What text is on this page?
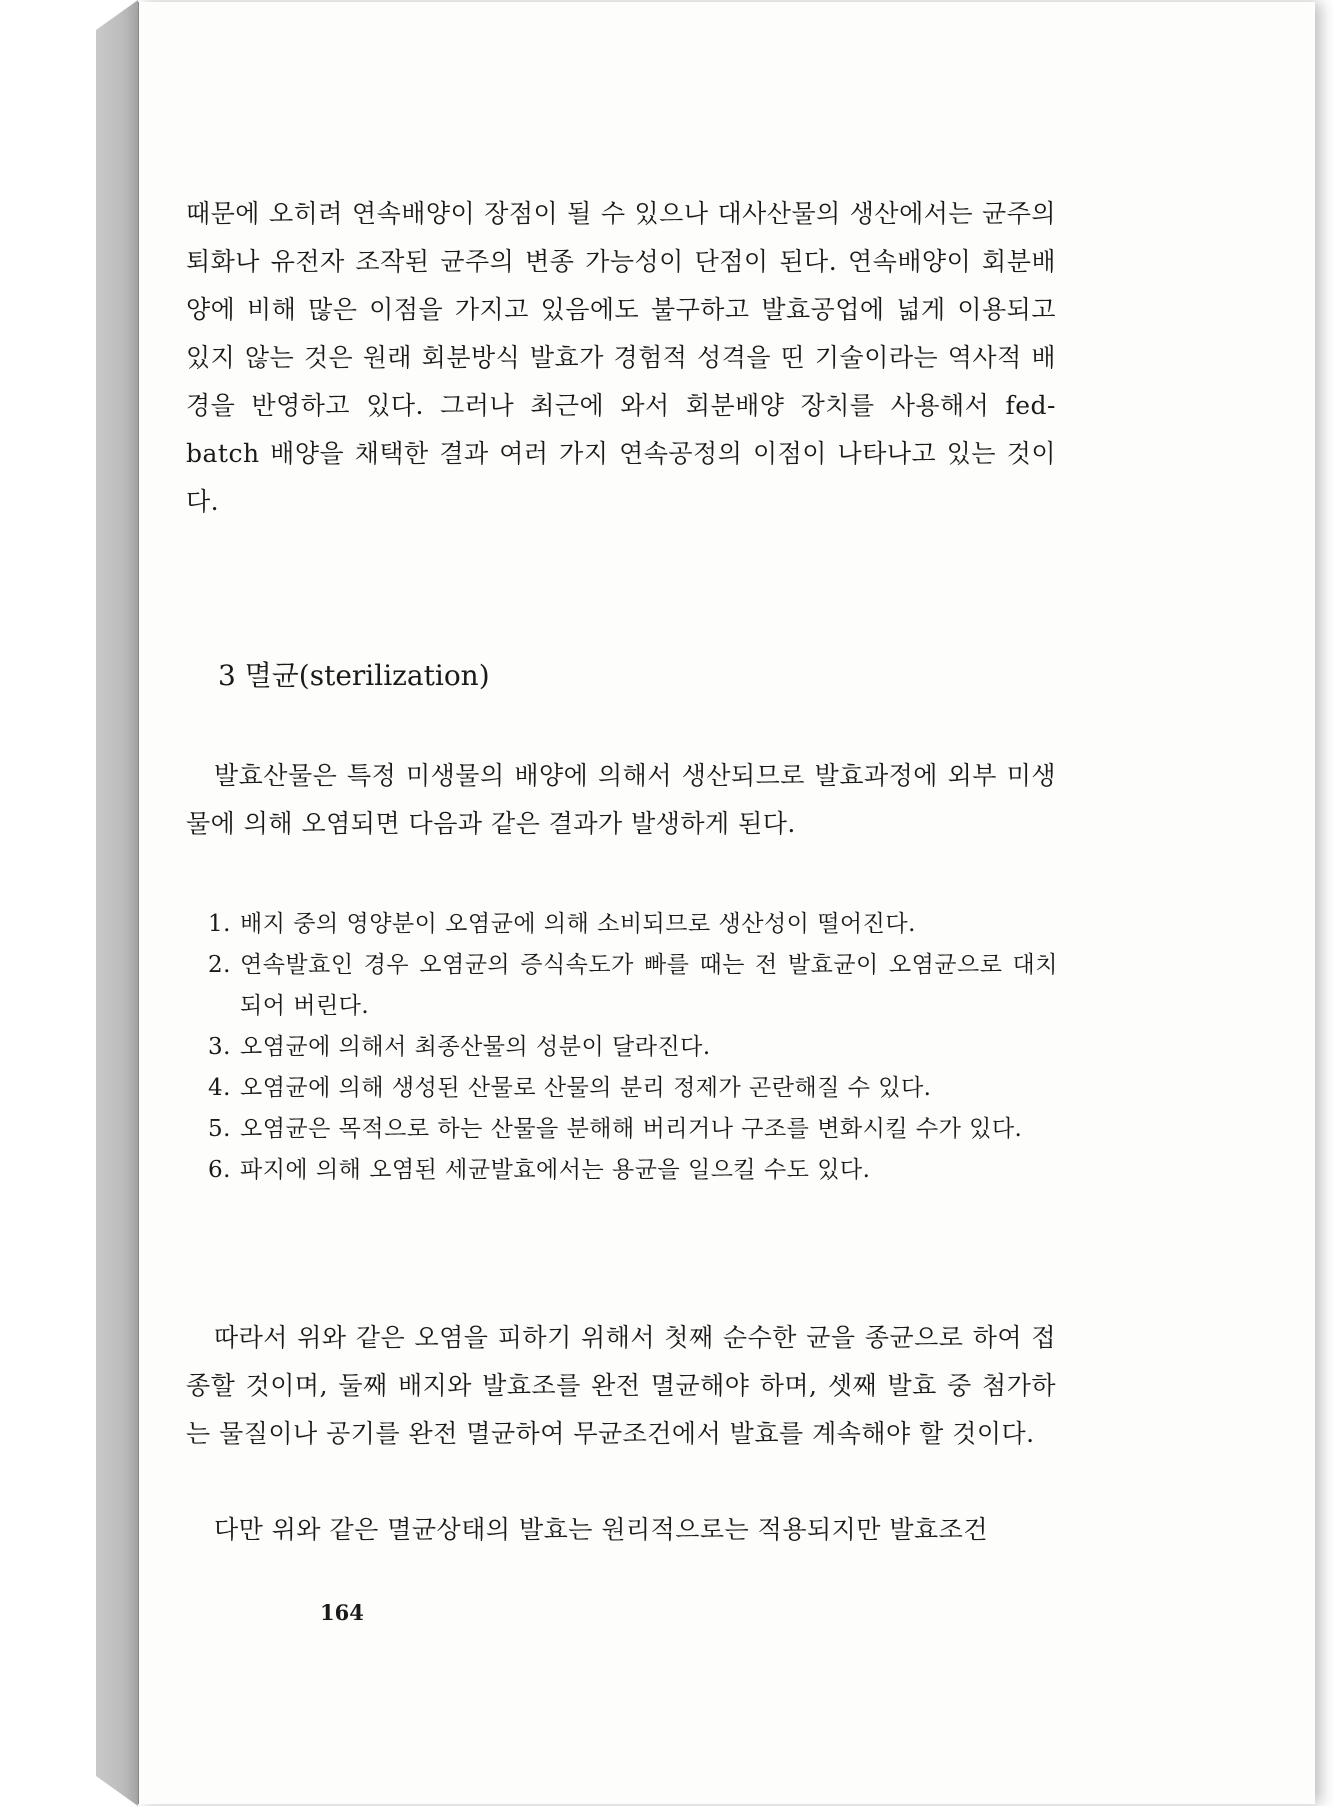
때문에 오히려 연속배양이 장점이 될 수 있으나 대사산물의 생산에서는 균주의 퇴화나 유전자 조작된 균주의 변종 가능성이 단점이 된다. 연속배양이 회분배양에 비해 많은 이점을 가지고 있음에도 불구하고 발효공업에 넓게 이용되고 있지 않는 것은 원래 회분방식 발효가 경험적 성격을 띤 기술이라는 역사적 배경을 반영하고 있다. 그러나 최근에 와서 회분배양 장치를 사용해서 fed-batch 배양을 채택한 결과 여러 가지 연속공정의 이점이 나타나고 있는 것이다.

3 멸균(sterilization)

발효산물은 특정 미생물의 배양에 의해서 생산되므로 발효과정에 외부 미생물에 의해 오염되면 다음과 같은 결과가 발생하게 된다.

1. 배지 중의 영양분이 오염균에 의해 소비되므로 생산성이 떨어진다.
2. 연속발효인 경우 오염균의 증식속도가 빠를 때는 전 발효균이 오염균으로 대치되어 버린다.
3. 오염균에 의해서 최종산물의 성분이 달라진다.
4. 오염균에 의해 생성된 산물로 산물의 분리 정제가 곤란해질 수 있다.
5. 오염균은 목적으로 하는 산물을 분해해 버리거나 구조를 변화시킬 수가 있다.
6. 파지에 의해 오염된 세균발효에서는 용균을 일으킬 수도 있다.

따라서 위와 같은 오염을 피하기 위해서 첫째 순수한 균을 종균으로 하여 접종할 것이며, 둘째 배지와 발효조를 완전 멸균해야 하며, 셋째 발효 중 첨가하는 물질이나 공기를 완전 멸균하여 무균조건에서 발효를 계속해야 할 것이다.

다만 위와 같은 멸균상태의 발효는 원리적으로는 적용되지만 발효조건

164
